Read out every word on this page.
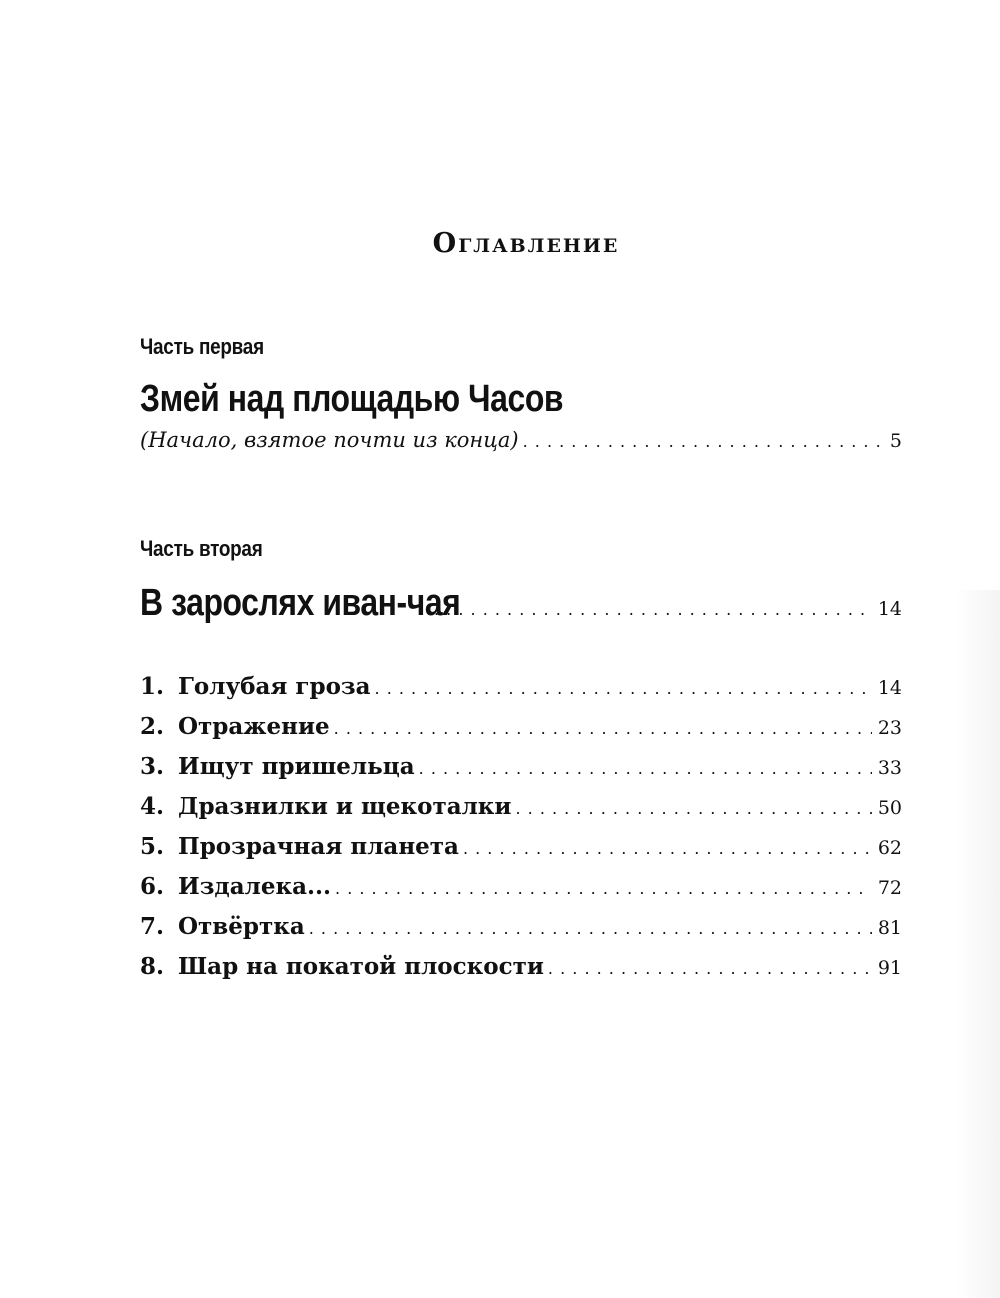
Оглавление
Часть первая
Змей над площадью Часов
(Начало, взятое почти из конца) . . .	5
Часть вторая
В зарослях иван-чая . . .	14
1. Голубая гроза . . .	14
2. Отражение . . .	23
3. Ищут пришельца . . .	33
4. Дразнилки и щекоталки . . .	50
5. Прозрачная планета . . .	62
6. Издалека... . . .	72
7. Отвёртка . . .	81
8. Шар на покатой плоскости . . .	91
